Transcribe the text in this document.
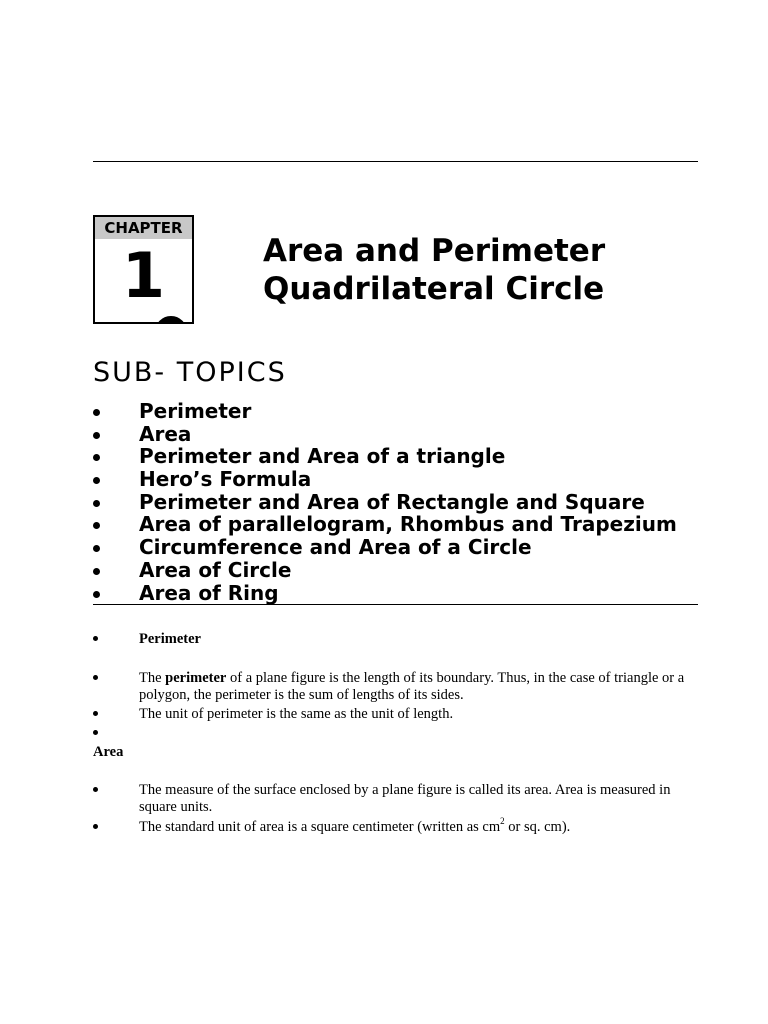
CHAPTER
1	Area and Perimeter
Quadrilateral Circle
SUB- TOPICS
Perimeter
Area
Perimeter and Area of a triangle
Hero’s Formula
Perimeter and Area of Rectangle and Square
Area of parallelogram, Rhombus and Trapezium
Circumference and Area of a Circle
Area of Circle
Area of Ring
Perimeter
The perimeter of a plane figure is the length of its boundary. Thus, in the case of triangle or a polygon, the perimeter is the sum of lengths of its sides.
The unit of perimeter is the same as the unit of length.
Area
The measure of the surface enclosed by a plane figure is called its area. Area is measured in square units.
The standard unit of area is a square centimeter (written as $cm^2$ or sq. cm).
